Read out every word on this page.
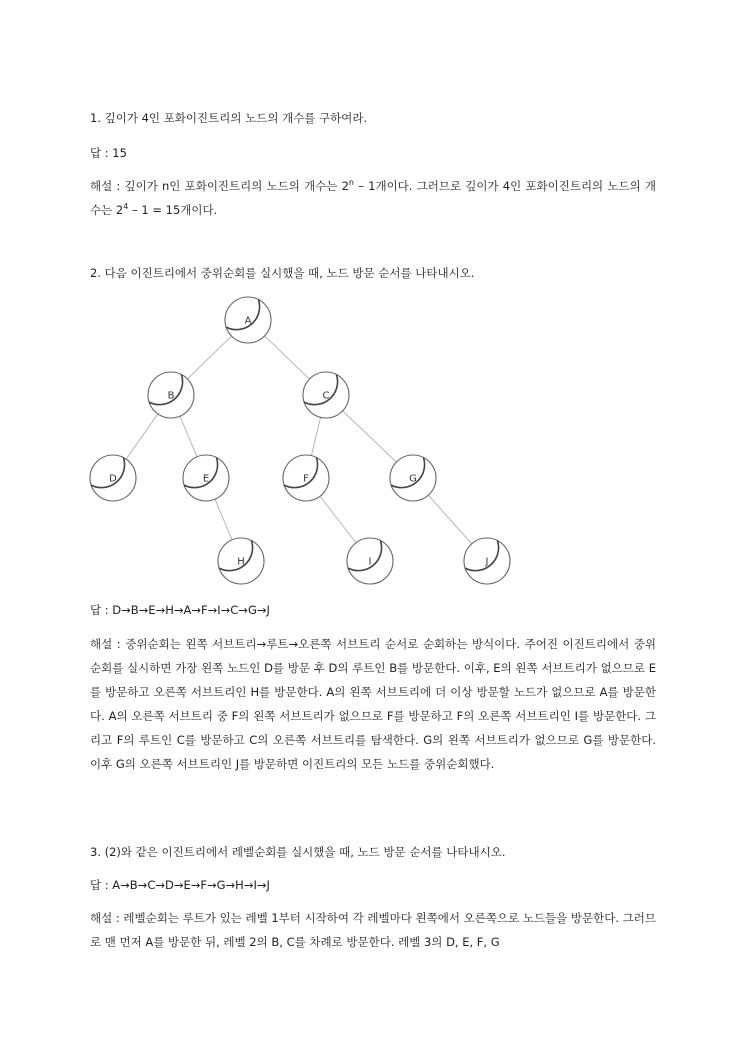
1. 깊이가 4인 포화이진트리의 노드의 개수를 구하여라.

답 : 15

해설 : 깊이가 n인 포화이진트리의 노드의 개수는 2$^n$ – 1개이다. 그러므로 깊이가 4인 포화이진트리의 노드의 개수는 $2^4 - 1 = 15$개이다.

2. 다음 이진트리에서 중위순회를 실시했을 때, 노드 방문 순서를 나타내시오.

A
B	C
D	E	F	G
H	I	J

답 : D→B→E→H→A→F→I→C→G→J

해설 : 중위순회는 왼쪽 서브트리→루트→오른쪽 서브트리 순서로 순회하는 방식이다. 주어진 이진트리에서 중위순회를 실시하면 가장 왼쪽 노드인 D를 방문 후 D의 루트인 B를 방문한다. 이후, E의 왼쪽 서브트리가 없으므로 E를 방문하고 오른쪽 서브트리인 H를 방문한다. A의 왼쪽 서브트리에 더 이상 방문할 노드가 없으므로 A를 방문한다. A의 오른쪽 서브트리 중 F의 왼쪽 서브트리가 없으므로 F를 방문하고 F의 오른쪽 서브트리인 I를 방문한다. 그리고 F의 루트인 C를 방문하고 C의 오른쪽 서브트리를 탐색한다. G의 왼쪽 서브트리가 없으므로 G를 방문한다. 이후 G의 오른쪽 서브트리인 J를 방문하면 이진트리의 모든 노드를 중위순회했다.

3. (2)와 같은 이진트리에서 레벨순회를 실시했을 때, 노드 방문 순서를 나타내시오.

답 : A→B→C→D→E→F→G→H→I→J

해설 : 레벨순회는 루트가 있는 레벨 1부터 시작하여 각 레벨마다 왼쪽에서 오른쪽으로 노드들을 방문한다. 그러므로 맨 먼저 A를 방문한 뒤, 레벨 2의 B, C를 차례로 방문한다. 레벨 3의 D, E, F, G
